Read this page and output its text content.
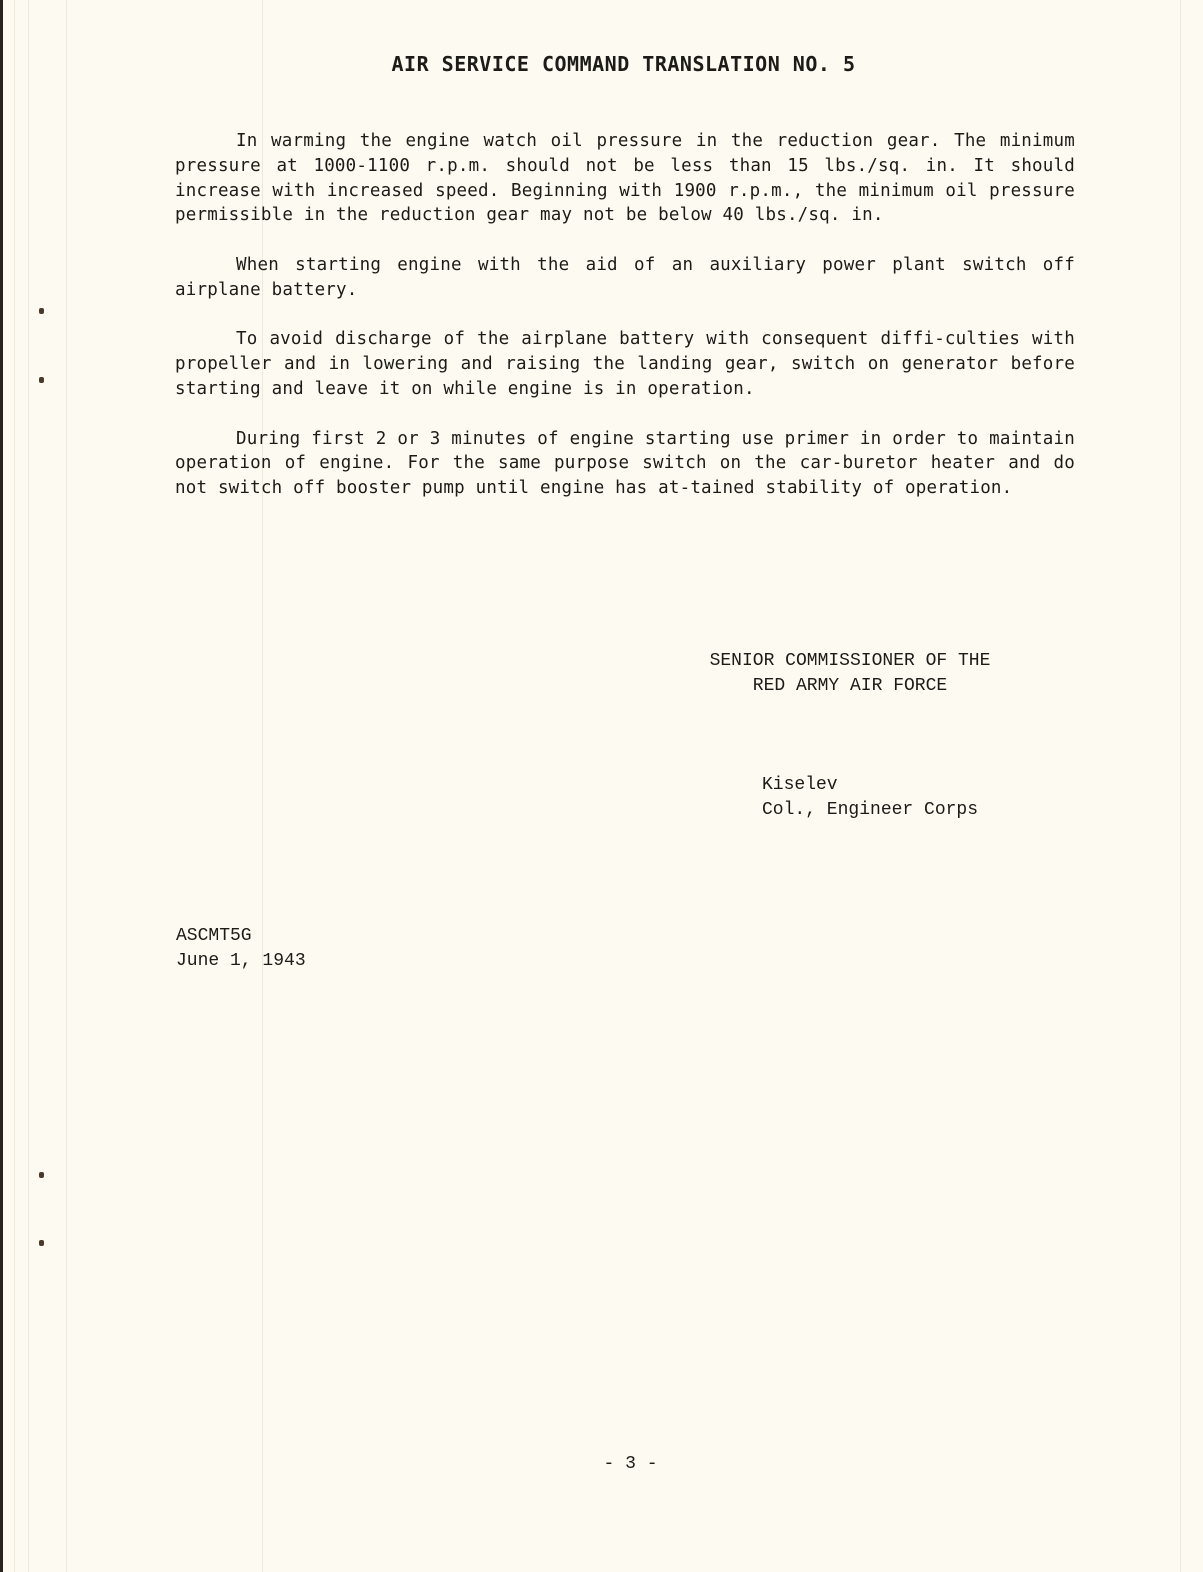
AIR SERVICE COMMAND TRANSLATION NO. 5

In warming the engine watch oil pressure in the reduction gear. The minimum pressure at 1000-1100 r.p.m. should not be less than 15 lbs./sq. in. It should increase with increased speed. Beginning with 1900 r.p.m., the minimum oil pressure permissible in the reduction gear may not be below 40 lbs./sq. in.

When starting engine with the aid of an auxiliary power plant switch off airplane battery.

To avoid discharge of the airplane battery with consequent diffi-culties with propeller and in lowering and raising the landing gear, switch on generator before starting and leave it on while engine is in operation.

During first 2 or 3 minutes of engine starting use primer in order to maintain operation of engine. For the same purpose switch on the car-buretor heater and do not switch off booster pump until engine has at-tained stability of operation.

SENIOR COMMISSIONER OF THE
RED ARMY AIR FORCE
Kiselev
Col., Engineer Corps
ASCMT5G
June 1, 1943
- 3 -
